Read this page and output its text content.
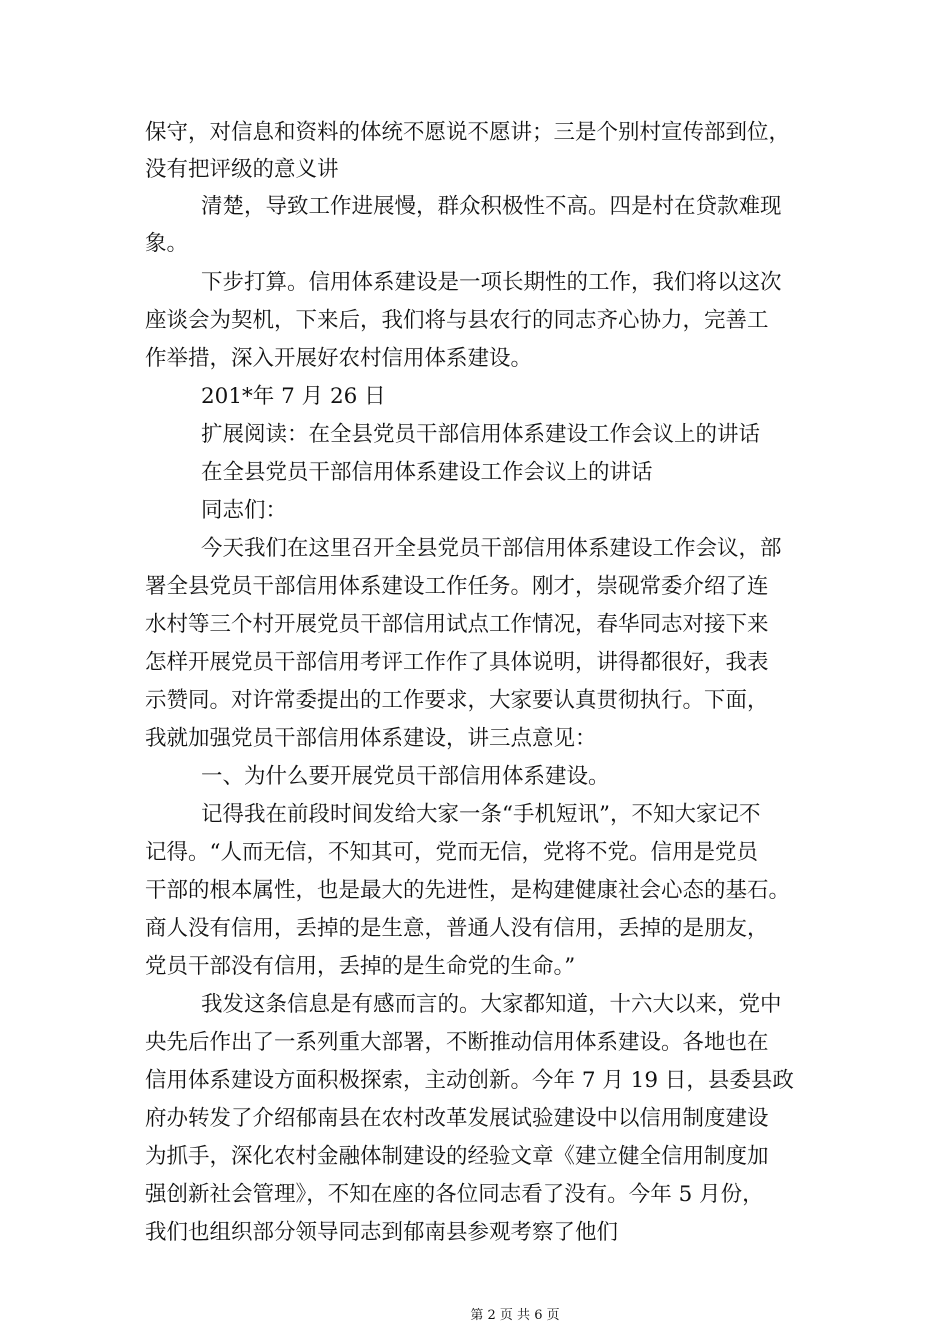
保守，对信息和资料的体统不愿说不愿讲；三是个别村宣传部到位，
没有把评级的意义讲
清楚，导致工作进展慢，群众积极性不高。四是村在贷款难现
象。
下步打算。信用体系建设是一项长期性的工作，我们将以这次
座谈会为契机，下来后，我们将与县农行的同志齐心协力，完善工
作举措，深入开展好农村信用体系建设。
201*年 7 月 26 日
扩展阅读：在全县党员干部信用体系建设工作会议上的讲话
在全县党员干部信用体系建设工作会议上的讲话
同志们：
今天我们在这里召开全县党员干部信用体系建设工作会议，部
署全县党员干部信用体系建设工作任务。刚才，崇砚常委介绍了连
水村等三个村开展党员干部信用试点工作情况，春华同志对接下来
怎样开展党员干部信用考评工作作了具体说明，讲得都很好，我表
示赞同。对许常委提出的工作要求，大家要认真贯彻执行。下面，
我就加强党员干部信用体系建设，讲三点意见：
一、为什么要开展党员干部信用体系建设。
记得我在前段时间发给大家一条“手机短讯”，不知大家记不
记得。“人而无信，不知其可，党而无信，党将不党。信用是党员
干部的根本属性，也是最大的先进性，是构建健康社会心态的基石。
商人没有信用，丢掉的是生意，普通人没有信用，丢掉的是朋友，
党员干部没有信用，丢掉的是生命党的生命。”
我发这条信息是有感而言的。大家都知道，十六大以来，党中
央先后作出了一系列重大部署，不断推动信用体系建设。各地也在
信用体系建设方面积极探索，主动创新。今年 7 月 19 日，县委县政
府办转发了介绍郁南县在农村改革发展试验建设中以信用制度建设
为抓手，深化农村金融体制建设的经验文章《建立健全信用制度加
强创新社会管理》，不知在座的各位同志看了没有。今年 5 月份，
我们也组织部分领导同志到郁南县参观考察了他们
第 2 页 共 6 页
